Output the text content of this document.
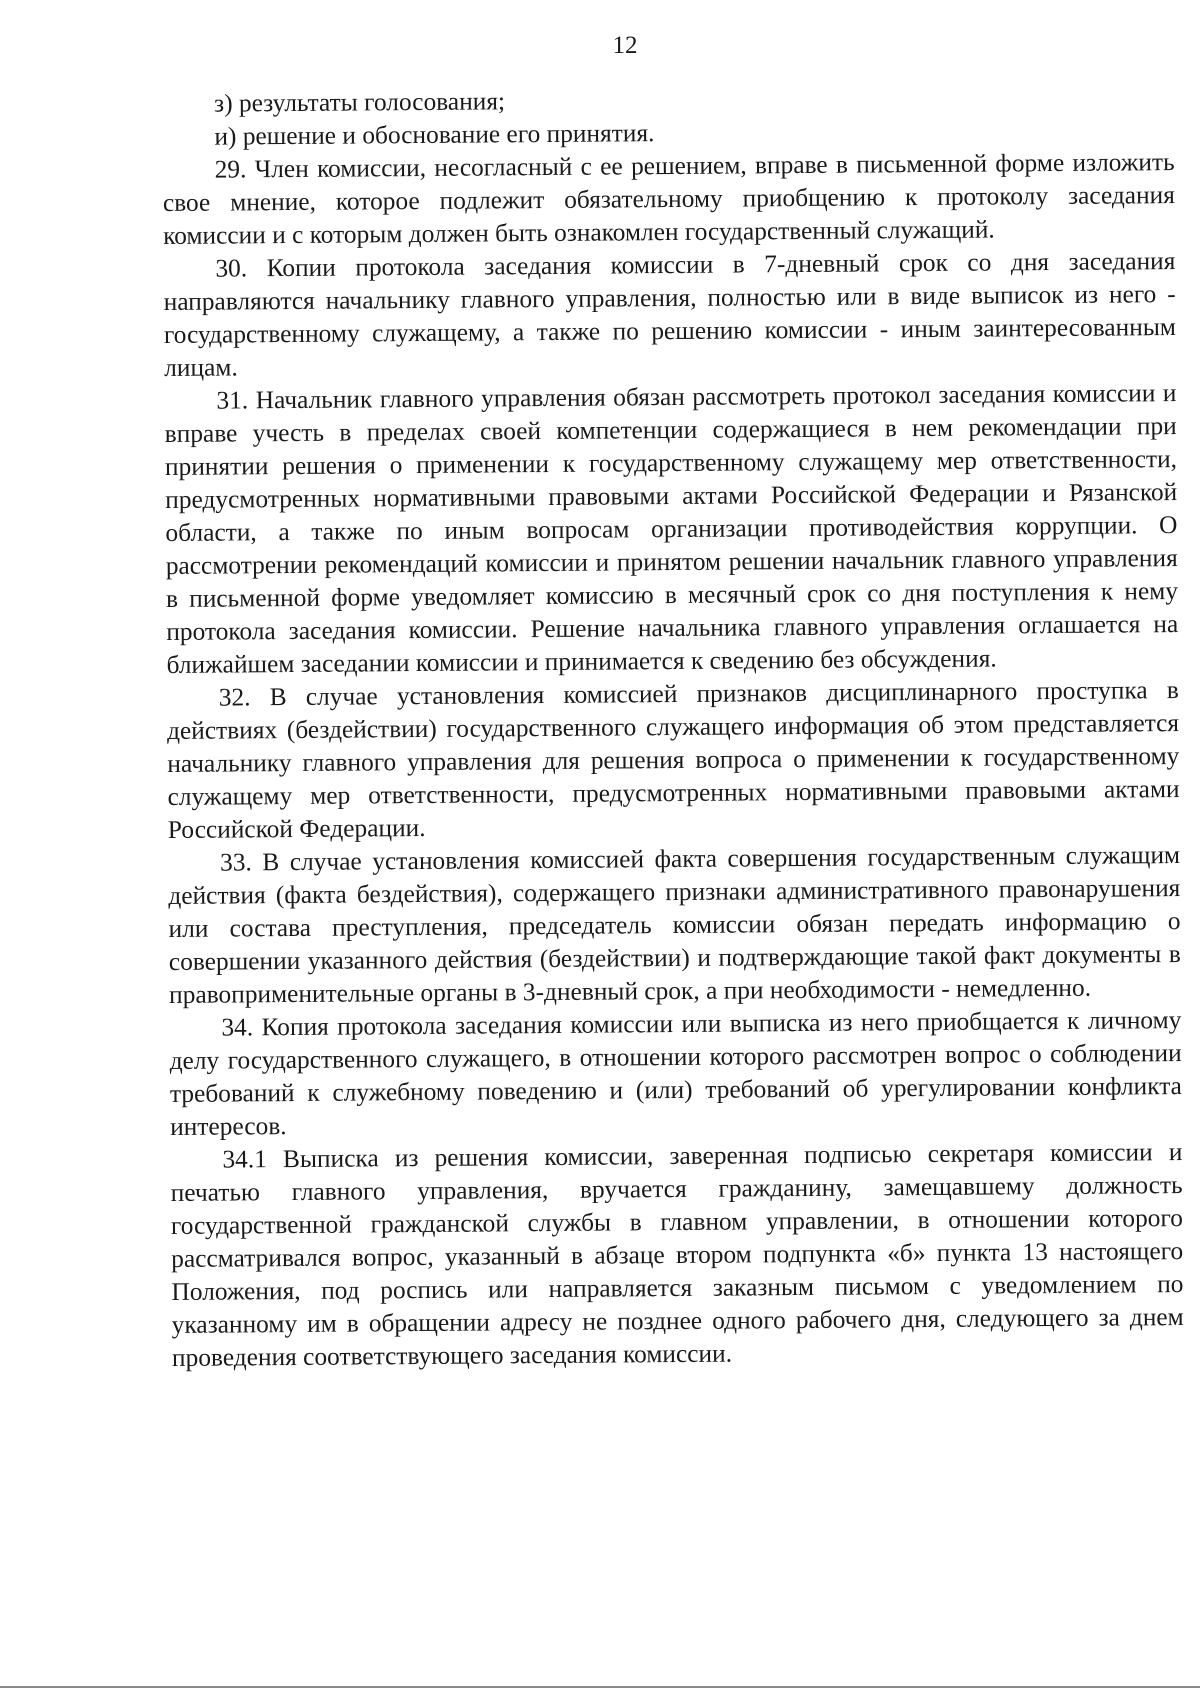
12

з) результаты голосования;

и) решение и обоснование его принятия.

29. Член комиссии, несогласный с ее решением, вправе в письменной форме изложить свое мнение, которое подлежит обязательному приобщению к протоколу заседания комиссии и с которым должен быть ознакомлен государственный служащий.

30. Копии протокола заседания комиссии в 7-дневный срок со дня заседания направляются начальнику главного управления, полностью или в виде выписок из него - государственному служащему, а также по решению комиссии - иным заинтересованным лицам.

31. Начальник главного управления обязан рассмотреть протокол заседания комиссии и вправе учесть в пределах своей компетенции содержащиеся в нем рекомендации при принятии решения о применении к государственному служащему мер ответственности, предусмотренных нормативными правовыми актами Российской Федерации и Рязанской области, а также по иным вопросам организации противодействия коррупции. О рассмотрении рекомендаций комиссии и принятом решении начальник главного управления в письменной форме уведомляет комиссию в месячный срок со дня поступления к нему протокола заседания комиссии. Решение начальника главного управления оглашается на ближайшем заседании комиссии и принимается к сведению без обсуждения.

32. В случае установления комиссией признаков дисциплинарного проступка в действиях (бездействии) государственного служащего информация об этом представляется начальнику главного управления для решения вопроса о применении к государственному служащему мер ответственности, предусмотренных нормативными правовыми актами Российской Федерации.

33. В случае установления комиссией факта совершения государственным служащим действия (факта бездействия), содержащего признаки административного правонарушения или состава преступления, председатель комиссии обязан передать информацию о совершении указанного действия (бездействии) и подтверждающие такой факт документы в правоприменительные органы в 3-дневный срок, а при необходимости - немедленно.

34. Копия протокола заседания комиссии или выписка из него приобщается к личному делу государственного служащего, в отношении которого рассмотрен вопрос о соблюдении требований к служебному поведению и (или) требований об урегулировании конфликта интересов.

34.1 Выписка из решения комиссии, заверенная подписью секретаря комиссии и печатью главного управления, вручается гражданину, замещавшему должность государственной гражданской службы в главном управлении, в отношении которого рассматривался вопрос, указанный в абзаце втором подпункта «б» пункта 13 настоящего Положения, под роспись или направляется заказным письмом с уведомлением по указанному им в обращении адресу не позднее одного рабочего дня, следующего за днем проведения соответствующего заседания комиссии.
